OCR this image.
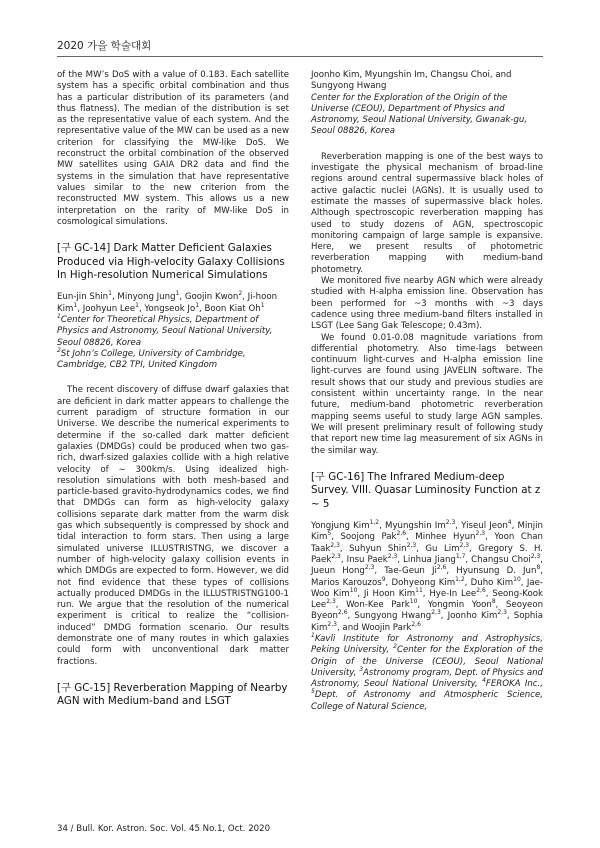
2020 가을 학술대회

of the MW’s DoS with a value of 0.183. Each satellite system has a specific orbital combination and thus has a particular distribution of its parameters (and thus flatness). The median of the distribution is set as the representative value of each system. And the representative value of the MW can be used as a new criterion for classifying the MW-like DoS. We reconstruct the orbital combination of the observed MW satellites using GAIA DR2 data and find the systems in the simulation that have representative values similar to the new criterion from the reconstructed MW system. This allows us a new interpretation on the rarity of MW-like DoS in cosmological simulations.

[구 GC-14] Dark Matter Deficient Galaxies Produced via High-velocity Galaxy Collisions In High-resolution Numerical Simulations

Eun-jin Shin$^1$, Minyong Jung$^1$, Goojin Kwon$^2$, Ji-hoon Kim$^1$, Joohyun Lee$^1$, Yongseok Jo$^1$, Boon Kiat Oh$^1$

$^1$Center for Theoretical Physics, Department of Physics and Astronomy, Seoul National University, Seoul 08826, Korea

$^2$St John’s College, University of Cambridge, Cambridge, CB2 TPI, United Kingdom

The recent discovery of diffuse dwarf galaxies that are deficient in dark matter appears to challenge the current paradigm of structure formation in our Universe. We describe the numerical experiments to determine if the so-called dark matter deficient galaxies (DMDGs) could be produced when two gas-rich, dwarf-sized galaxies collide with a high relative velocity of ∼ 300km/s. Using idealized high-resolution simulations with both mesh-based and particle-based gravito-hydrodynamics codes, we find that DMDGs can form as high-velocity galaxy collisions separate dark matter from the warm disk gas which subsequently is compressed by shock and tidal interaction to form stars. Then using a large simulated universe ILLUSTRISTNG, we discover a number of high-velocity galaxy collision events in which DMDGs are expected to form. However, we did not find evidence that these types of collisions actually produced DMDGs in the ILLUSTRISTNG100-1 run. We argue that the resolution of the numerical experiment is critical to realize the “collision-induced” DMDG formation scenario. Our results demonstrate one of many routes in which galaxies could form with unconventional dark matter fractions.

[구 GC-15] Reverberation Mapping of Nearby AGN with Medium-band and LSGT

Joonho Kim, Myungshin Im, Changsu Choi, and Sungyong Hwang

Center for the Exploration of the Origin of the Universe (CEOU), Department of Physics and Astronomy, Seoul National University, Gwanak-gu, Seoul 08826, Korea

Reverberation mapping is one of the best ways to investigate the physical mechanism of broad-line regions around central supermassive black holes of active galactic nuclei (AGNs). It is usually used to estimate the masses of supermassive black holes. Although spectroscopic reverberation mapping has used to study dozens of AGN, spectroscopic monitoring campaign of large sample is expansive. Here, we present results of photometric reverberation mapping with medium-band photometry.

We monitored five nearby AGN which were already studied with H-alpha emission line. Observation has been performed for ~3 months with ~3 days cadence using three medium-band filters installed in LSGT (Lee Sang Gak Telescope; 0.43m).

We found 0.01-0.08 magnitude variations from differential photometry. Also time-lags between continuum light-curves and H-alpha emission line light-curves are found using JAVELIN software. The result shows that our study and previous studies are consistent within uncertainty range. In the near future, medium-band photometric reverberation mapping seems useful to study large AGN samples. We will present preliminary result of following study that report new time lag measurement of six AGNs in the similar way.

[구 GC-16] The Infrared Medium-deep Survey. VIII. Quasar Luminosity Function at z ~ 5

Yongjung Kim$^{1,2}$, Myungshin Im$^{2,3}$, Yiseul Jeon$^4$, Minjin Kim$^5$, Soojong Pak$^{2,6}$, Minhee Hyun$^{2,3}$, Yoon Chan Taak$^{2,3}$, Suhyun Shin$^{2,3}$, Gu Lim$^{2,3}$, Gregory S. H. Paek$^{2,3}$, Insu Paek$^{2,3}$, Linhua Jiang$^{1,7}$, Changsu Choi$^{2,3}$, Jueun Hong$^{2,3}$, Tae-Geun Ji$^{2,6}$, Hyunsung D. Jun$^8$, Marios Karouzos$^9$, Dohyeong Kim$^{1,2}$, Duho Kim$^{10}$, Jae-Woo Kim$^{10}$, Ji Hoon Kim$^{11}$, Hye-In Lee$^{2,6}$, Seong-Kook Lee$^{2,3}$, Won-Kee Park$^{10}$, Yongmin Yoon$^8$, Seoyeon Byeon$^{2,6}$, Sungyong Hwang$^{2,3}$, Joonho Kim$^{2,3}$, Sophia Kim$^{2,3}$, and Woojin Park$^{2,6}$

$^1$Kavli Institute for Astronomy and Astrophysics, Peking University, $^2$Center for the Exploration of the Origin of the Universe (CEOU), Seoul National University, $^3$Astronomy program, Dept. of Physics and Astronomy, Seoul National University, $^4$FEROKA Inc., $^5$Dept. of Astronomy and Atmospheric Science, College of Natural Science,

34 / Bull. Kor. Astron. Soc. Vol. 45 No.1, Oct. 2020
